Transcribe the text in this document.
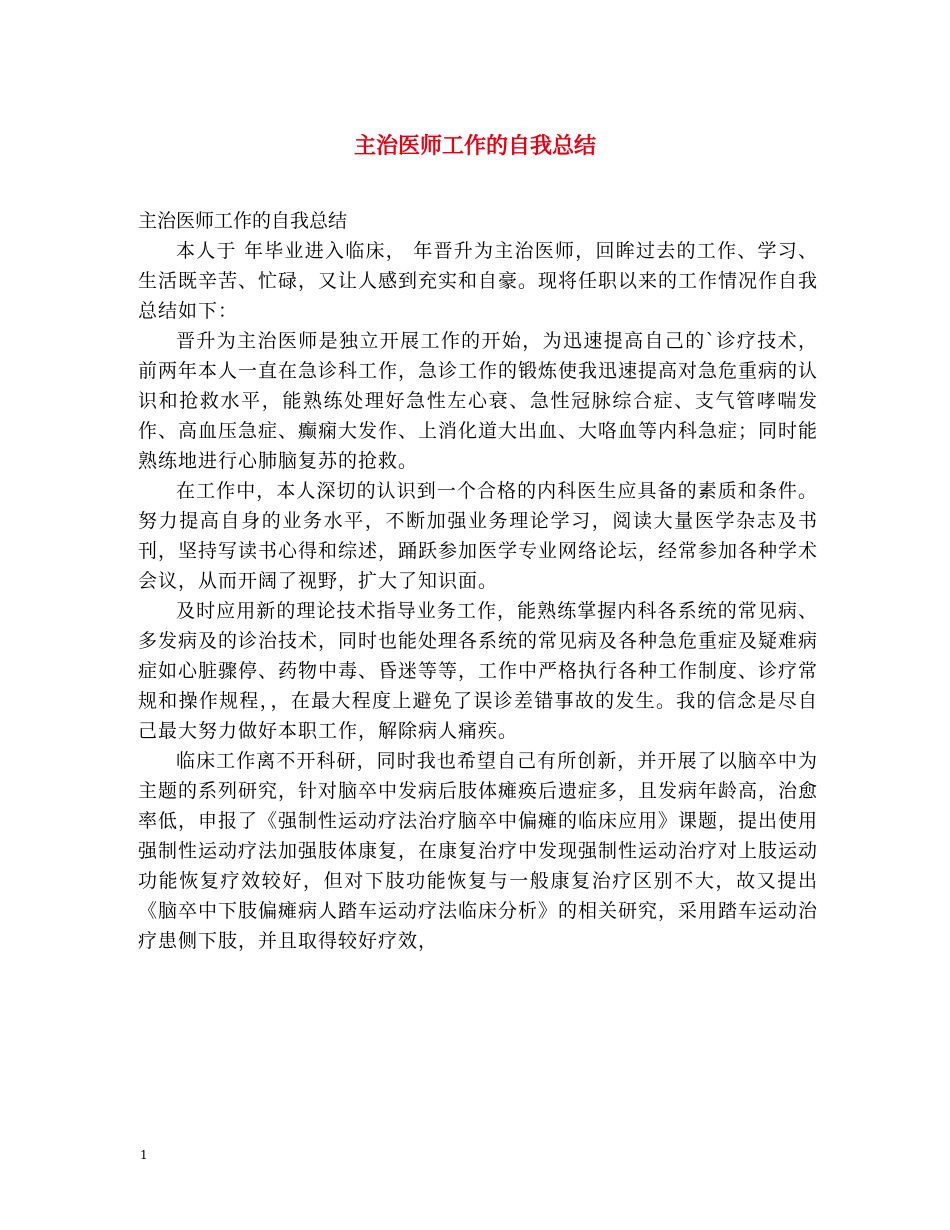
主治医师工作的自我总结

主治医师工作的自我总结

本人于 年毕业进入临床， 年晋升为主治医师，回眸过去的工作、学习、生活既辛苦、忙碌，又让人感到充实和自豪。现将任职以来的工作情况作自我总结如下：

晋升为主治医师是独立开展工作的开始，为迅速提高自己的`诊疗技术，前两年本人一直在急诊科工作，急诊工作的锻炼使我迅速提高对急危重病的认识和抢救水平，能熟练处理好急性左心衰、急性冠脉综合症、支气管哮喘发作、高血压急症、癫痫大发作、上消化道大出血、大咯血等内科急症；同时能熟练地进行心肺脑复苏的抢救。

在工作中，本人深切的认识到一个合格的内科医生应具备的素质和条件。努力提高自身的业务水平，不断加强业务理论学习，阅读大量医学杂志及书刊，坚持写读书心得和综述，踊跃参加医学专业网络论坛，经常参加各种学术会议，从而开阔了视野，扩大了知识面。

及时应用新的理论技术指导业务工作，能熟练掌握内科各系统的常见病、多发病及的诊治技术，同时也能处理各系统的常见病及各种急危重症及疑难病症如心脏骤停、药物中毒、昏迷等等，工作中严格执行各种工作制度、诊疗常规和操作规程，，在最大程度上避免了误诊差错事故的发生。我的信念是尽自己最大努力做好本职工作，解除病人痛疾。

临床工作离不开科研，同时我也希望自己有所创新，并开展了以脑卒中为主题的系列研究，针对脑卒中发病后肢体瘫痪后遗症多，且发病年龄高，治愈率低，申报了《强制性运动疗法治疗脑卒中偏瘫的临床应用》课题，提出使用强制性运动疗法加强肢体康复，在康复治疗中发现强制性运动治疗对上肢运动功能恢复疗效较好，但对下肢功能恢复与一般康复治疗区别不大，故又提出《脑卒中下肢偏瘫病人踏车运动疗法临床分析》的相关研究，采用踏车运动治疗患侧下肢，并且取得较好疗效，

1
